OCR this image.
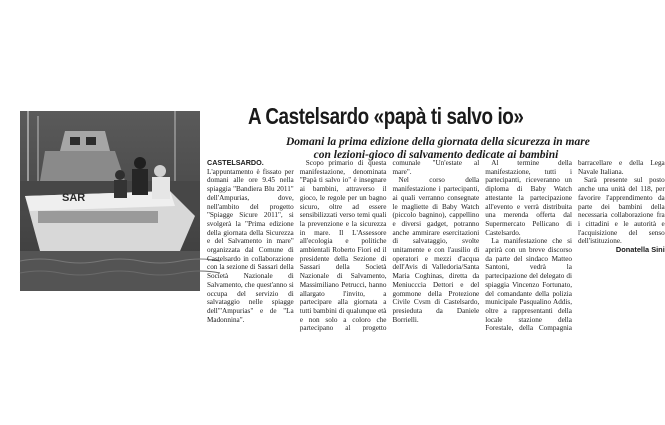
SAR
A Castelsardo «papà ti salvo io»
Domani la prima edizione della giornata della sicurezza in mare
con lezioni-gioco di salvamento dedicate ai bambini

CASTELSARDO. L'appuntamento è fissato per domani alle ore 9.45 nella spiaggia "Bandiera Blu 2011" dell'Ampurias, dove, nell'ambito del progetto "Spiagge Sicure 2011", si svolgerà la "Prima edizione della giornata della Sicurezza e del Salvamento in mare" organizzata dal Comune di Castelsardo in collaborazione con la sezione di Sassari della Società Nazionale di Salvamento, che quest'anno si occupa del servizio di salvataggio nelle spiagge dell'"Ampurias" e de "La Madonnina".

Scopo primario di questa manifestazione, denominata "Papà ti salvo io" è insegnare ai bambini, attraverso il gioco, le regole per un bagno sicuro, oltre ad essere sensibilizzati verso temi quali la prevenzione e la sicurezza in mare. Il L'Assessore all'ecologia e politiche ambientali Roberto Fiori ed il presidente della Sezione di Sassari della Società Nazionale di Salvamento, Massimiliano Petrucci, hanno allargato l'invito, a partecipare alla giornata a tutti bambini di qualunque età e non solo a coloro che partecipano al progetto comunale "Un'estate al mare".

Nel corso della manifestazione i partecipanti, ai quali verranno consegnate le magliette di Baby Watch (piccolo bagnino), cappellino e diversi gadget, potranno anche ammirare esercitazioni di salvataggio, svolte unitamente e con l'ausilio di operatori e mezzi d'acqua dell'Avis di Valledoria/Santa Maria Coghinas, diretta da Meniucccia Dettori e del gommone della Protezione Civile Cvsm di Castelsardo, presieduta da Daniele Borrielli.

Al termine della manifestazione, tutti i partecipanti, riceveranno un diploma di Baby Watch attestante la partecipazione all'evento e verrà distribuita una merenda offerta dal Supermercato Pellicano di Castelsardo.

La manifestazione che si aprirà con un breve discorso da parte del sindaco Matteo Santoni, vedrà la partecipazione del delegato di spiaggia Vincenzo Fortunato, del comandante della polizia municipale Pasqualino Addis, oltre a rappresentanti della locale stazione della Forestale, della Compagnia barracellare e della Lega Navale Italiana.

Sarà presente sul posto anche una unità del 118, per favorire l'apprendimento da parte dei bambini della necessaria collaborazione fra i cittadini e le autorità e l'acquisizione del senso dell'istituzione.

Donatella Sini
